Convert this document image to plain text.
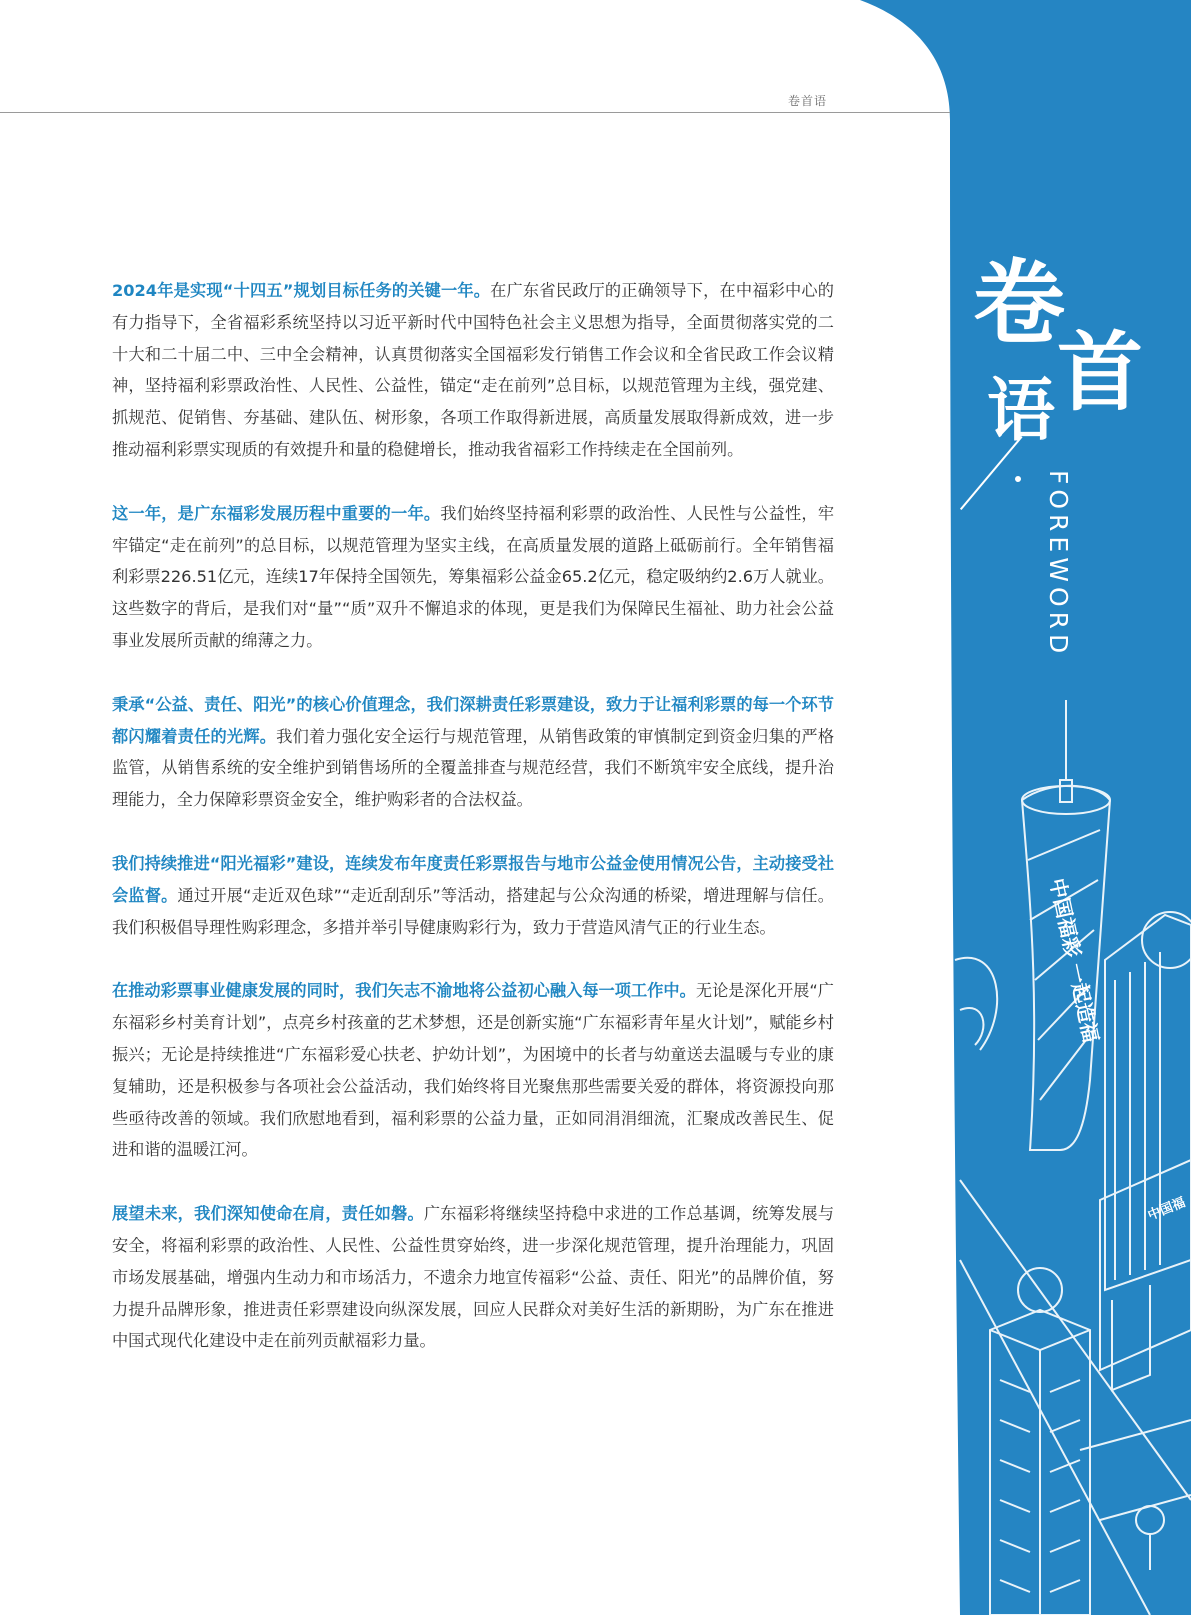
中国福彩 一起造福
中国福
卷
首
语
FOREWORD
卷首语

2024年是实现“十四五”规划目标任务的关键一年。在广东省民政厅的正确领导下，在中福彩中心的有力指导下，全省福彩系统坚持以习近平新时代中国特色社会主义思想为指导，全面贯彻落实党的二十大和二十届二中、三中全会精神，认真贯彻落实全国福彩发行销售工作会议和全省民政工作会议精神，坚持福利彩票政治性、人民性、公益性，锚定“走在前列”总目标，以规范管理为主线，强党建、抓规范、促销售、夯基础、建队伍、树形象，各项工作取得新进展，高质量发展取得新成效，进一步推动福利彩票实现质的有效提升和量的稳健增长，推动我省福彩工作持续走在全国前列。

这一年，是广东福彩发展历程中重要的一年。我们始终坚持福利彩票的政治性、人民性与公益性，牢牢锚定“走在前列”的总目标，以规范管理为坚实主线，在高质量发展的道路上砥砺前行。全年销售福利彩票226.51亿元，连续17年保持全国领先，筹集福彩公益金65.2亿元，稳定吸纳约2.6万人就业。这些数字的背后，是我们对“量”“质”双升不懈追求的体现，更是我们为保障民生福祉、助力社会公益事业发展所贡献的绵薄之力。

秉承“公益、责任、阳光”的核心价值理念，我们深耕责任彩票建设，致力于让福利彩票的每一个环节都闪耀着责任的光辉。我们着力强化安全运行与规范管理，从销售政策的审慎制定到资金归集的严格监管，从销售系统的安全维护到销售场所的全覆盖排查与规范经营，我们不断筑牢安全底线，提升治理能力，全力保障彩票资金安全，维护购彩者的合法权益。

我们持续推进“阳光福彩”建设，连续发布年度责任彩票报告与地市公益金使用情况公告，主动接受社会监督。通过开展“走近双色球”“走近刮刮乐”等活动，搭建起与公众沟通的桥梁，增进理解与信任。我们积极倡导理性购彩理念，多措并举引导健康购彩行为，致力于营造风清气正的行业生态。

在推动彩票事业健康发展的同时，我们矢志不渝地将公益初心融入每一项工作中。无论是深化开展“广东福彩乡村美育计划”，点亮乡村孩童的艺术梦想，还是创新实施“广东福彩青年星火计划”，赋能乡村振兴；无论是持续推进“广东福彩爱心扶老、护幼计划”，为困境中的长者与幼童送去温暖与专业的康复辅助，还是积极参与各项社会公益活动，我们始终将目光聚焦那些需要关爱的群体，将资源投向那些亟待改善的领域。我们欣慰地看到，福利彩票的公益力量，正如同涓涓细流，汇聚成改善民生、促进和谐的温暖江河。

展望未来，我们深知使命在肩，责任如磐。广东福彩将继续坚持稳中求进的工作总基调，统筹发展与安全，将福利彩票的政治性、人民性、公益性贯穿始终，进一步深化规范管理，提升治理能力，巩固市场发展基础，增强内生动力和市场活力，不遗余力地宣传福彩“公益、责任、阳光”的品牌价值，努力提升品牌形象，推进责任彩票建设向纵深发展，回应人民群众对美好生活的新期盼，为广东在推进中国式现代化建设中走在前列贡献福彩力量。
